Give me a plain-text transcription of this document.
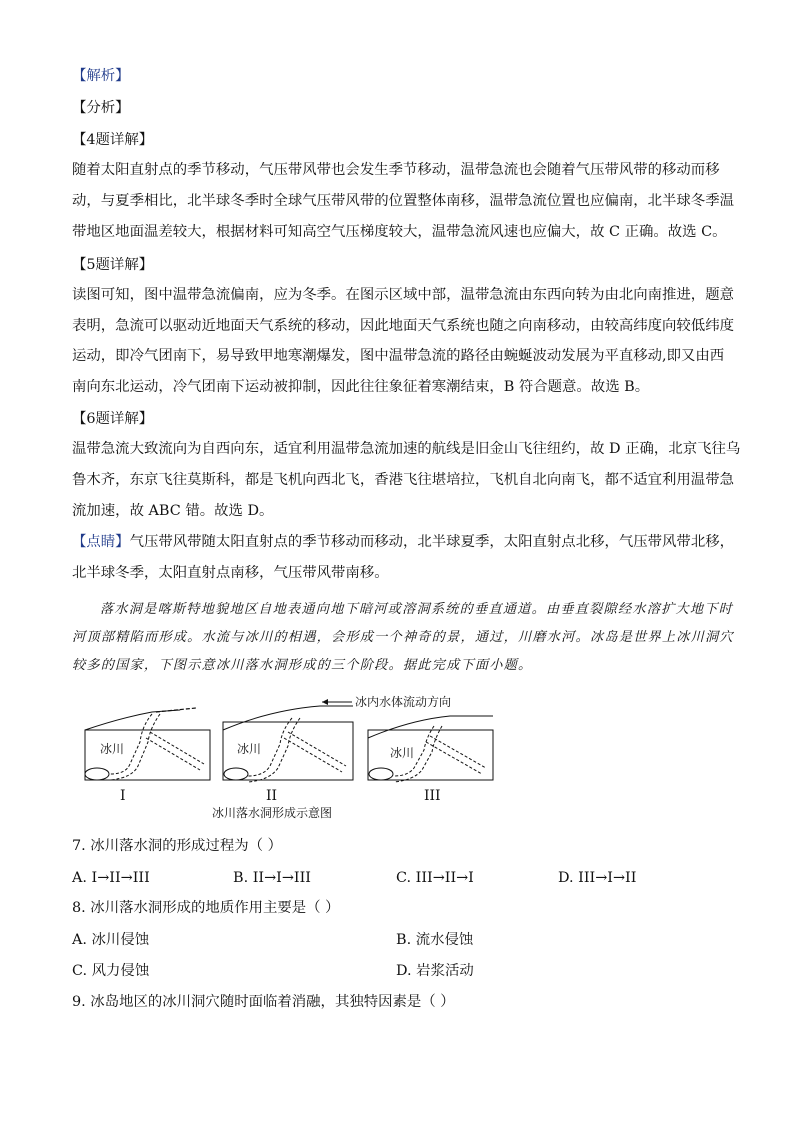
【解析】
【分析】
【4题详解】
随着太阳直射点的季节移动，气压带风带也会发生季节移动，温带急流也会随着气压带风带的移动而移
动，与夏季相比，北半球冬季时全球气压带风带的位置整体南移，温带急流位置也应偏南，北半球冬季温
带地区地面温差较大，根据材料可知高空气压梯度较大，温带急流风速也应偏大，故 C 正确。故选 C。
【5题详解】
读图可知，图中温带急流偏南，应为冬季。在图示区域中部，温带急流由东西向转为由北向南推进，题意
表明，急流可以驱动近地面天气系统的移动，因此地面天气系统也随之向南移动，由较高纬度向较低纬度
运动，即冷气团南下，易导致甲地寒潮爆发，图中温带急流的路径由蜿蜒波动发展为平直移动,即又由西
南向东北运动，冷气团南下运动被抑制，因此往往象征着寒潮结束，B 符合题意。故选 B。
【6题详解】
温带急流大致流向为自西向东，适宜利用温带急流加速的航线是旧金山飞往纽约，故 D 正确，北京飞往乌
鲁木齐，东京飞往莫斯科，都是飞机向西北飞，香港飞往堪培拉，飞机自北向南飞，都不适宜利用温带急
流加速，故 ABC 错。故选 D。
【点睛】气压带风带随太阳直射点的季节移动而移动，北半球夏季，太阳直射点北移，气压带风带北移，
北半球冬季，太阳直射点南移，气压带风带南移。
落水洞是喀斯特地貌地区自地表通向地下暗河或溶洞系统的垂直通道。由垂直裂隙经水溶扩大地下时
河顶部精陷而形成。水流与冰川的相遇，会形成一个神奇的景，通过，川磨水河。冰岛是世界上冰川洞穴
较多的国家，下图示意冰川落水洞形成的三个阶段。据此完成下面小题。
冰内水体流动方向
冰川	冰川	冰川
I	II	III
冰川落水洞形成示意图
7. 冰川落水洞的形成过程为（ ）
A. I→II→III	B. II→I→III	C. III→II→I	D. III→I→II
8. 冰川落水洞形成的地质作用主要是（ ）
A. 冰川侵蚀	B. 流水侵蚀
C. 风力侵蚀	D. 岩浆活动
9. 冰岛地区的冰川洞穴随时面临着消融，其独特因素是（ ）
